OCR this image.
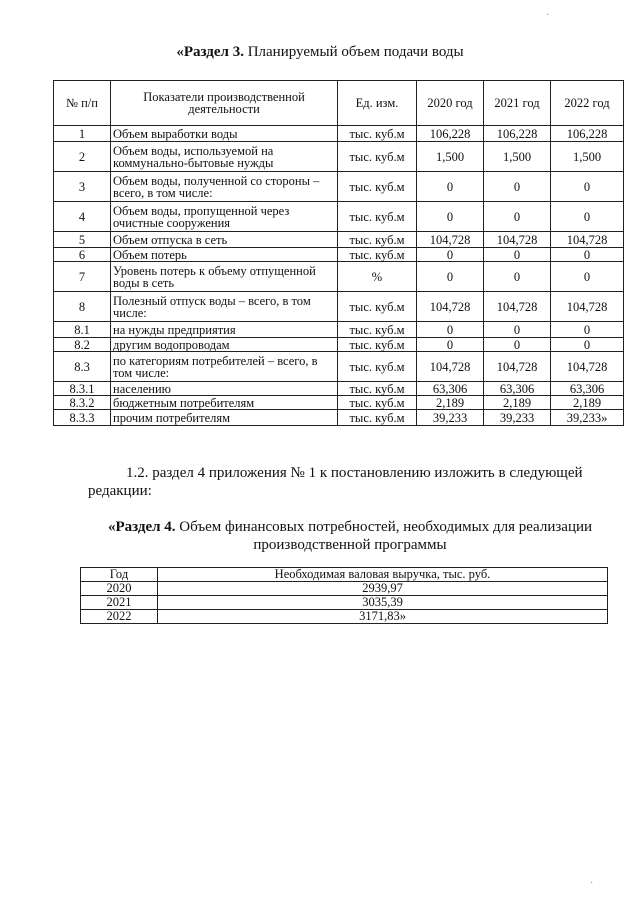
«Раздел 3. Планируемый объем подачи воды
№ п/п	Показатели производственной деятельности	Ед. изм.	2020 год	2021 год	2022 год
1	Объем выработки воды	тыс. куб.м	106,228	106,228	106,228
2	Объем воды, используемой на коммунально-бытовые нужды	тыс. куб.м	1,500	1,500	1,500
3	Объем воды, полученной со стороны – всего, в том числе:	тыс. куб.м	0	0	0
4	Объем воды, пропущенной через очистные сооружения	тыс. куб.м	0	0	0
5	Объем отпуска в сеть	тыс. куб.м	104,728	104,728	104,728
6	Объем потерь	тыс. куб.м	0	0	0
7	Уровень потерь к объему отпущенной воды в сеть	%	0	0	0
8	Полезный отпуск воды – всего, в том числе:	тыс. куб.м	104,728	104,728	104,728
8.1	на нужды предприятия	тыс. куб.м	0	0	0
8.2	другим водопроводам	тыс. куб.м	0	0	0
8.3	по категориям потребителей – всего, в том числе:	тыс. куб.м	104,728	104,728	104,728
8.3.1	населению	тыс. куб.м	63,306	63,306	63,306
8.3.2	бюджетным потребителям	тыс. куб.м	2,189	2,189	2,189
8.3.3	прочим потребителям	тыс. куб.м	39,233	39,233	39,233»
1.2. раздел 4 приложения № 1 к постановлению изложить в следующей редакции:
«Раздел 4. Объем финансовых потребностей, необходимых для реализации производственной программы
Год	Необходимая валовая выручка, тыс. руб.
2020	2939,97
2021	3035,39
2022	3171,83»
·
·
